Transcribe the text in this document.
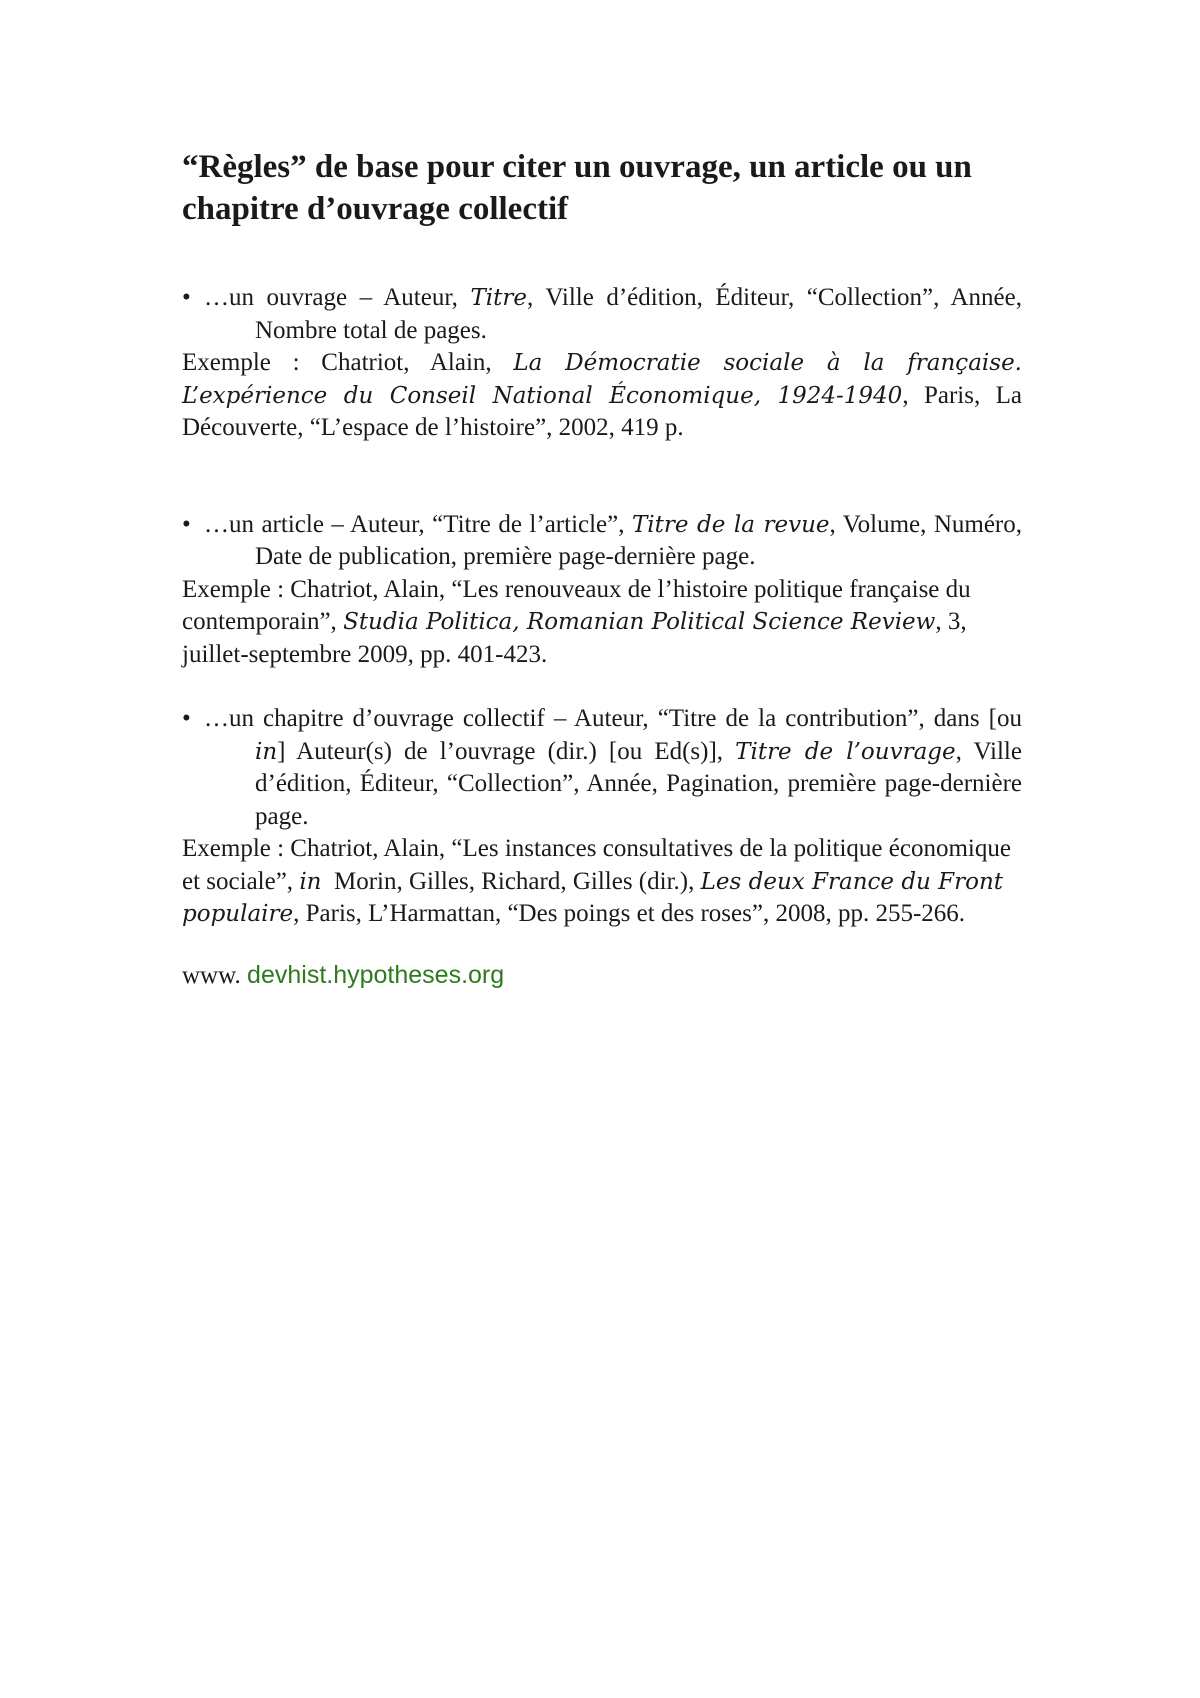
“Règles” de base pour citer un ouvrage, un article ou un chapitre d’ouvrage collectif
• …un ouvrage – Auteur, Titre, Ville d’édition, Éditeur, “Collection”, Année, Nombre total de pages.
Exemple : Chatriot, Alain, La Démocratie sociale à la française. L’expérience du Conseil National Économique, 1924-1940, Paris, La Découverte, “L’espace de l’histoire”, 2002, 419 p.
• …un article – Auteur, “Titre de l’article”, Titre de la revue, Volume, Numéro, Date de publication, première page-dernière page.
Exemple : Chatriot, Alain, “Les renouveaux de l’histoire politique française du contemporain”, Studia Politica, Romanian Political Science Review, 3, juillet-septembre 2009, pp. 401-423.
• …un chapitre d’ouvrage collectif – Auteur, “Titre de la contribution”, dans [ou in] Auteur(s) de l’ouvrage (dir.) [ou Ed(s)], Titre de l’ouvrage, Ville d’édition, Éditeur, “Collection”, Année, Pagination, première page-dernière page.
Exemple : Chatriot, Alain, “Les instances consultatives de la politique économique et sociale”, in  Morin, Gilles, Richard, Gilles (dir.), Les deux France du Front populaire, Paris, L’Harmattan, “Des poings et des roses”, 2008, pp. 255-266.
www. devhist.hypotheses.org
